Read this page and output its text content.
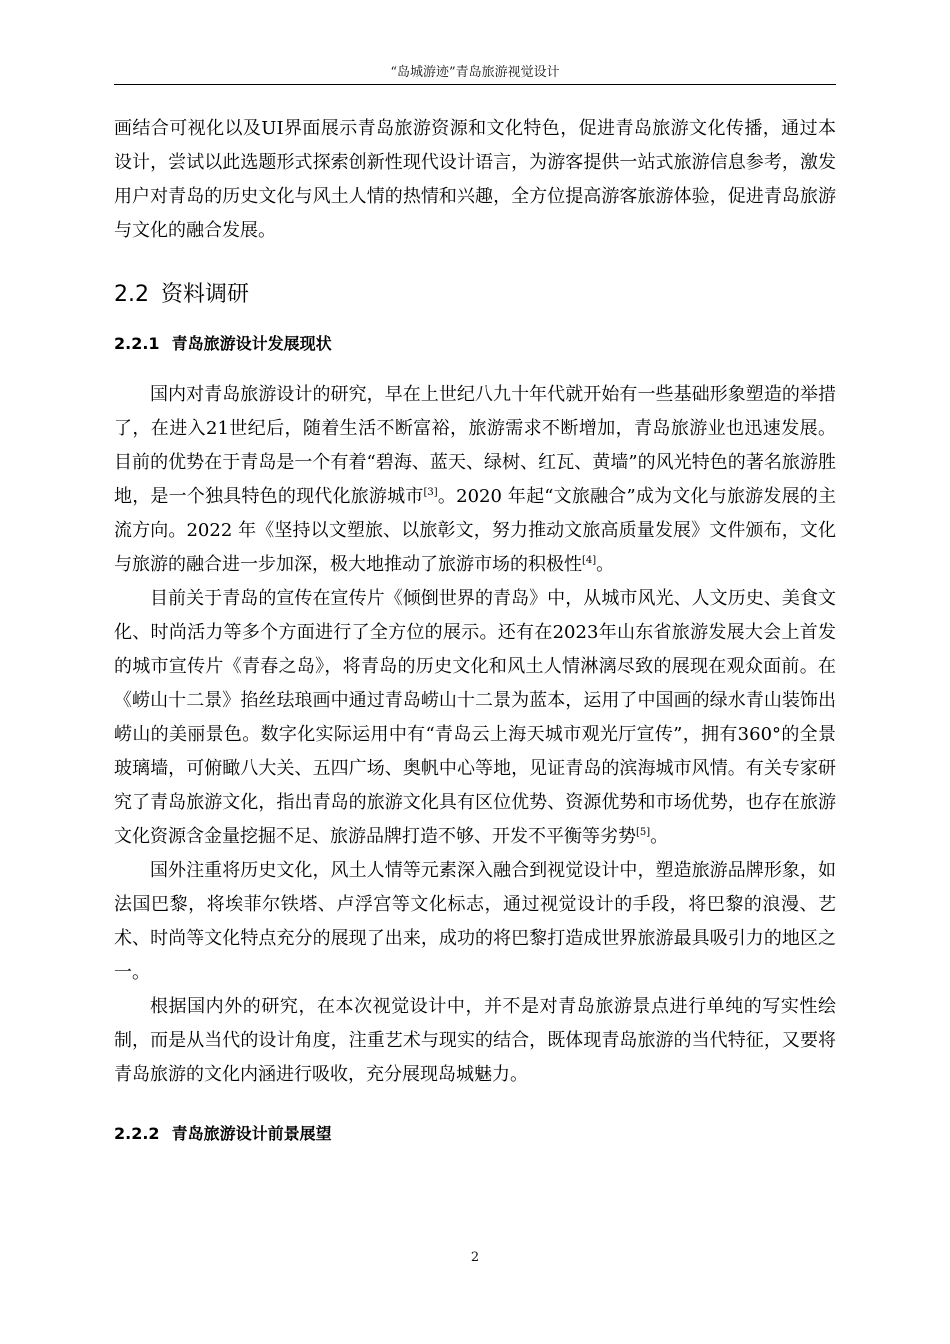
“岛城游迹”青岛旅游视觉设计

画结合可视化以及UI界面展示青岛旅游资源和文化特色，促进青岛旅游文化传播，通过本设计，尝试以此选题形式探索创新性现代设计语言，为游客提供一站式旅游信息参考，激发用户对青岛的历史文化与风土人情的热情和兴趣，全方位提高游客旅游体验，促进青岛旅游与文化的融合发展。

2.2 资料调研
2.2.1 青岛旅游设计发展现状

国内对青岛旅游设计的研究，早在上世纪八九十年代就开始有一些基础形象塑造的举措了，在进入21世纪后，随着生活不断富裕，旅游需求不断增加，青岛旅游业也迅速发展。目前的优势在于青岛是一个有着“碧海、蓝天、绿树、红瓦、黄墙”的风光特色的著名旅游胜地，是一个独具特色的现代化旅游城市[3]。2020 年起“文旅融合”成为文化与旅游发展的主流方向。2022 年《坚持以文塑旅、以旅彰文，努力推动文旅高质量发展》文件颁布，文化与旅游的融合进一步加深，极大地推动了旅游市场的积极性[4]。

目前关于青岛的宣传在宣传片《倾倒世界的青岛》中，从城市风光、人文历史、美食文化、时尚活力等多个方面进行了全方位的展示。还有在2023年山东省旅游发展大会上首发的城市宣传片《青春之岛》，将青岛的历史文化和风土人情淋漓尽致的展现在观众面前。在《崂山十二景》掐丝珐琅画中通过青岛崂山十二景为蓝本，运用了中国画的绿水青山装饰出崂山的美丽景色。数字化实际运用中有“青岛云上海天城市观光厅宣传”，拥有360°的全景玻璃墙，可俯瞰八大关、五四广场、奥帆中心等地，见证青岛的滨海城市风情。有关专家研究了青岛旅游文化，指出青岛的旅游文化具有区位优势、资源优势和市场优势，也存在旅游文化资源含金量挖掘不足、旅游品牌打造不够、开发不平衡等劣势[5]。

国外注重将历史文化，风土人情等元素深入融合到视觉设计中，塑造旅游品牌形象，如法国巴黎，将埃菲尔铁塔、卢浮宫等文化标志，通过视觉设计的手段，将巴黎的浪漫、艺术、时尚等文化特点充分的展现了出来，成功的将巴黎打造成世界旅游最具吸引力的地区之一。

根据国内外的研究，在本次视觉设计中，并不是对青岛旅游景点进行单纯的写实性绘制，而是从当代的设计角度，注重艺术与现实的结合，既体现青岛旅游的当代特征，又要将青岛旅游的文化内涵进行吸收，充分展现岛城魅力。

2.2.2 青岛旅游设计前景展望
2
